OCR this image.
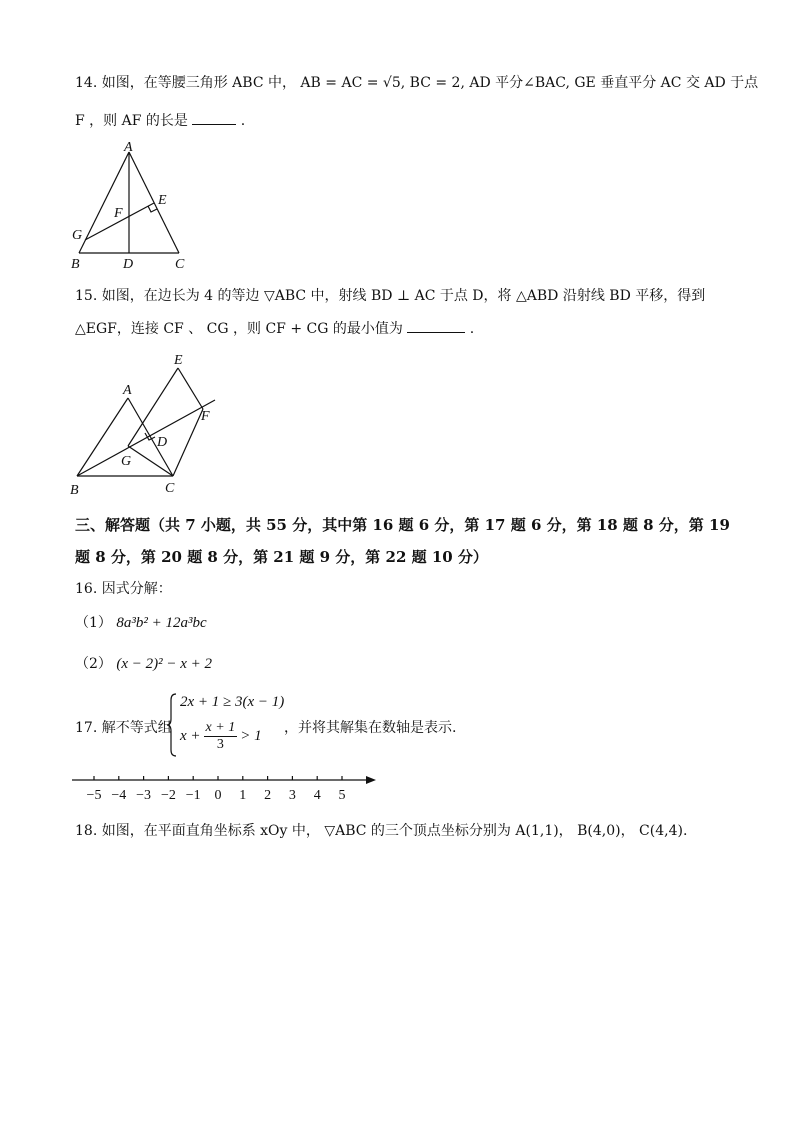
14. 如图，在等腰三角形 ABC 中， AB = AC = √5, BC = 2, AD 平分∠BAC, GE 垂直平分 AC 交 AD 于点
F ，则 AF 的长是	.
A
E
F
G
B	D	C
15. 如图，在边长为 4 的等边 ▽ABC 中，射线 BD ⊥ AC 于点 D，将 △ABD 沿射线 BD 平移，得到
△EGF，连接 CF 、 CG ，则 CF + CG 的最小值为	.
E
A
F
D
G
B	C
三、解答题（共 7 小题，共 55 分，其中第 16 题 6 分，第 17 题 6 分，第 18 题 8 分，第 19
题 8 分，第 20 题 8 分，第 21 题 9 分，第 22 题 10 分）
16. 因式分解：
（1） 8a³b² + 12a³bc
（2） (x − 2)² − x + 2
17. 解不等式组
2x + 1 ≥ 3(x − 1)
$x + \frac{x + 1}{3} > 1$ ，并将其解集在数轴是表示.
−5 −4 −3 −2 −1 0 1 2 3 4 5
18. 如图，在平面直角坐标系 xOy 中， ▽ABC 的三个顶点坐标分别为 A(1,1)， B(4,0)， C(4,4).
